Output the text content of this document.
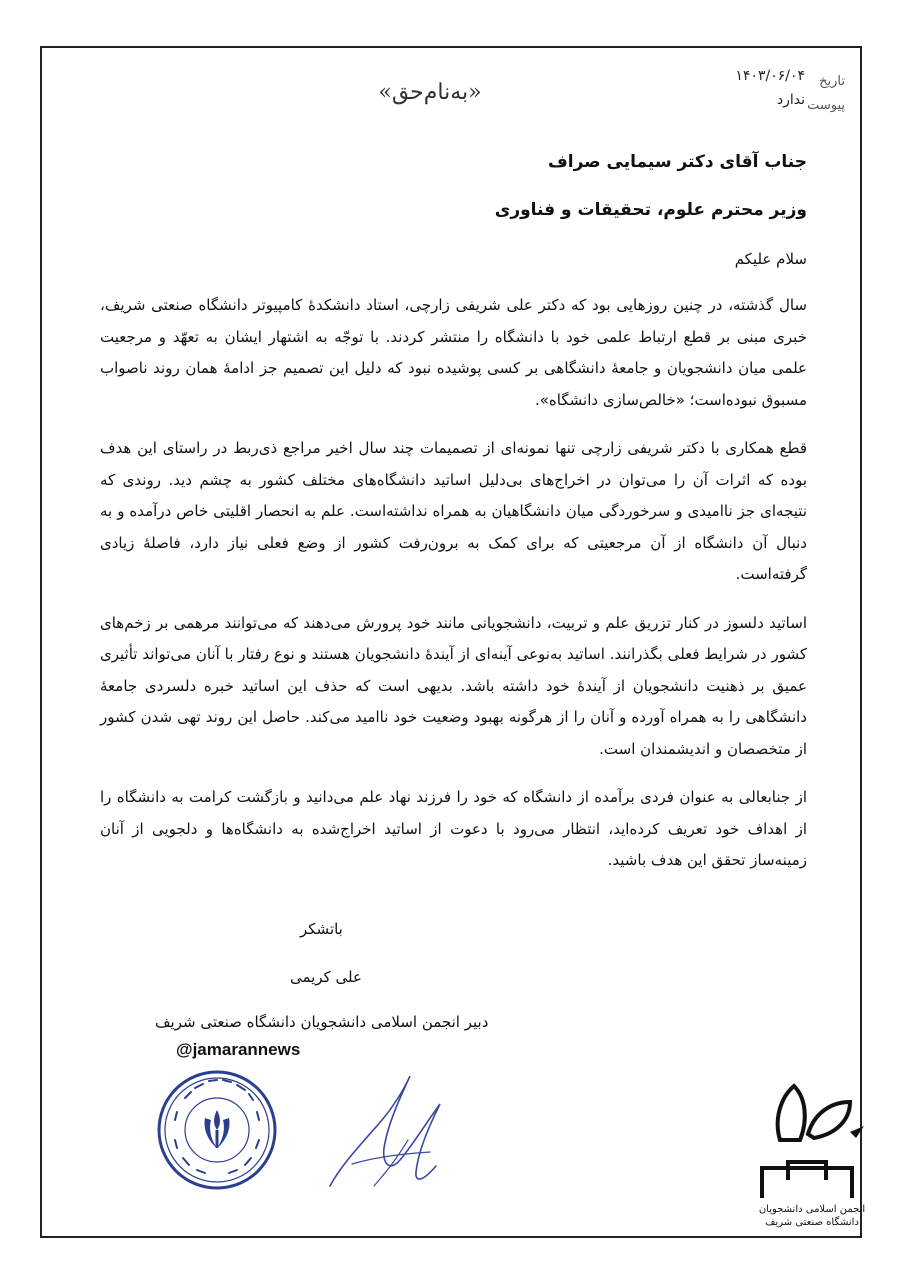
تاریخ
پیوست
۱۴۰۳/۰۶/۰۴
ندارد
«به‌نام‌حق»
جناب آقای دکتر سیمایی صراف
وزیر محترم علوم، تحقیقات و فناوری
سلام علیکم

سال گذشته، در چنین روزهایی بود که دکتر علی شریفی زارچی، استاد دانشکدهٔ کامپیوتر دانشگاه صنعتی شریف، خبری مبنی بر قطع ارتباط علمی خود با دانشگاه را منتشر کردند. با توجّه به اشتهار ایشان به تعهّد و مرجعیت علمی میان دانشجویان و جامعهٔ دانشگاهی بر کسی پوشیده نبود که دلیل این تصمیم جز ادامهٔ همان روند ناصواب مسبوق نبوده‌است؛ «خالص‌سازی دانشگاه».

قطع همکاری با دکتر شریفی زارچی تنها نمونه‌ای از تصمیمات چند سال اخیر مراجع ذی‌ربط در راستای این هدف بوده که اثرات آن را می‌توان در اخراج‌های بی‌دلیل اساتید دانشگاه‌های مختلف کشور به چشم دید. روندی که نتیجه‌ای جز ناامیدی و سرخوردگی میان دانشگاهیان به همراه نداشته‌است. علم به انحصار اقلیتی خاص درآمده و به دنبال آن دانشگاه از آن مرجعیتی که برای کمک به برون‌رفت کشور از وضع فعلی نیاز دارد، فاصلهٔ زیادی گرفته‌است.

اساتید دلسوز در کنار تزریق علم و تربیت، دانشجویانی مانند خود پرورش می‌دهند که می‌توانند مرهمی بر زخم‌های کشور در شرایط فعلی بگذرانند. اساتید به‌نوعی آینه‌ای از آیندهٔ دانشجویان هستند و نوع رفتار با آنان می‌تواند تأثیری عمیق بر ذهنیت دانشجویان از آیندهٔ خود داشته باشد. بدیهی است که حذف این اساتید خبره دلسردی جامعهٔ دانشگاهی را به همراه آورده و آنان را از هرگونه بهبود وضعیت خود ناامید می‌کند. حاصل این روند تهی شدن کشور از متخصصان و اندیشمندان است.

از جنابعالی به عنوان فردی برآمده از دانشگاه که خود را فرزند نهاد علم می‌دانید و بازگشت کرامت به دانشگاه را از اهداف خود تعریف کرده‌اید، انتظار می‌رود با دعوت از اساتید اخراج‌شده به دانشگاه‌ها و دلجویی از آنان زمینه‌ساز تحقق این هدف باشید.

باتشکر
علی کریمی
دبیر انجمن اسلامی دانشجویان دانشگاه صنعتی شریف
@jamarannews
انجمن اسلامی دانشجویان
دانشگاه صنعتی شریف
